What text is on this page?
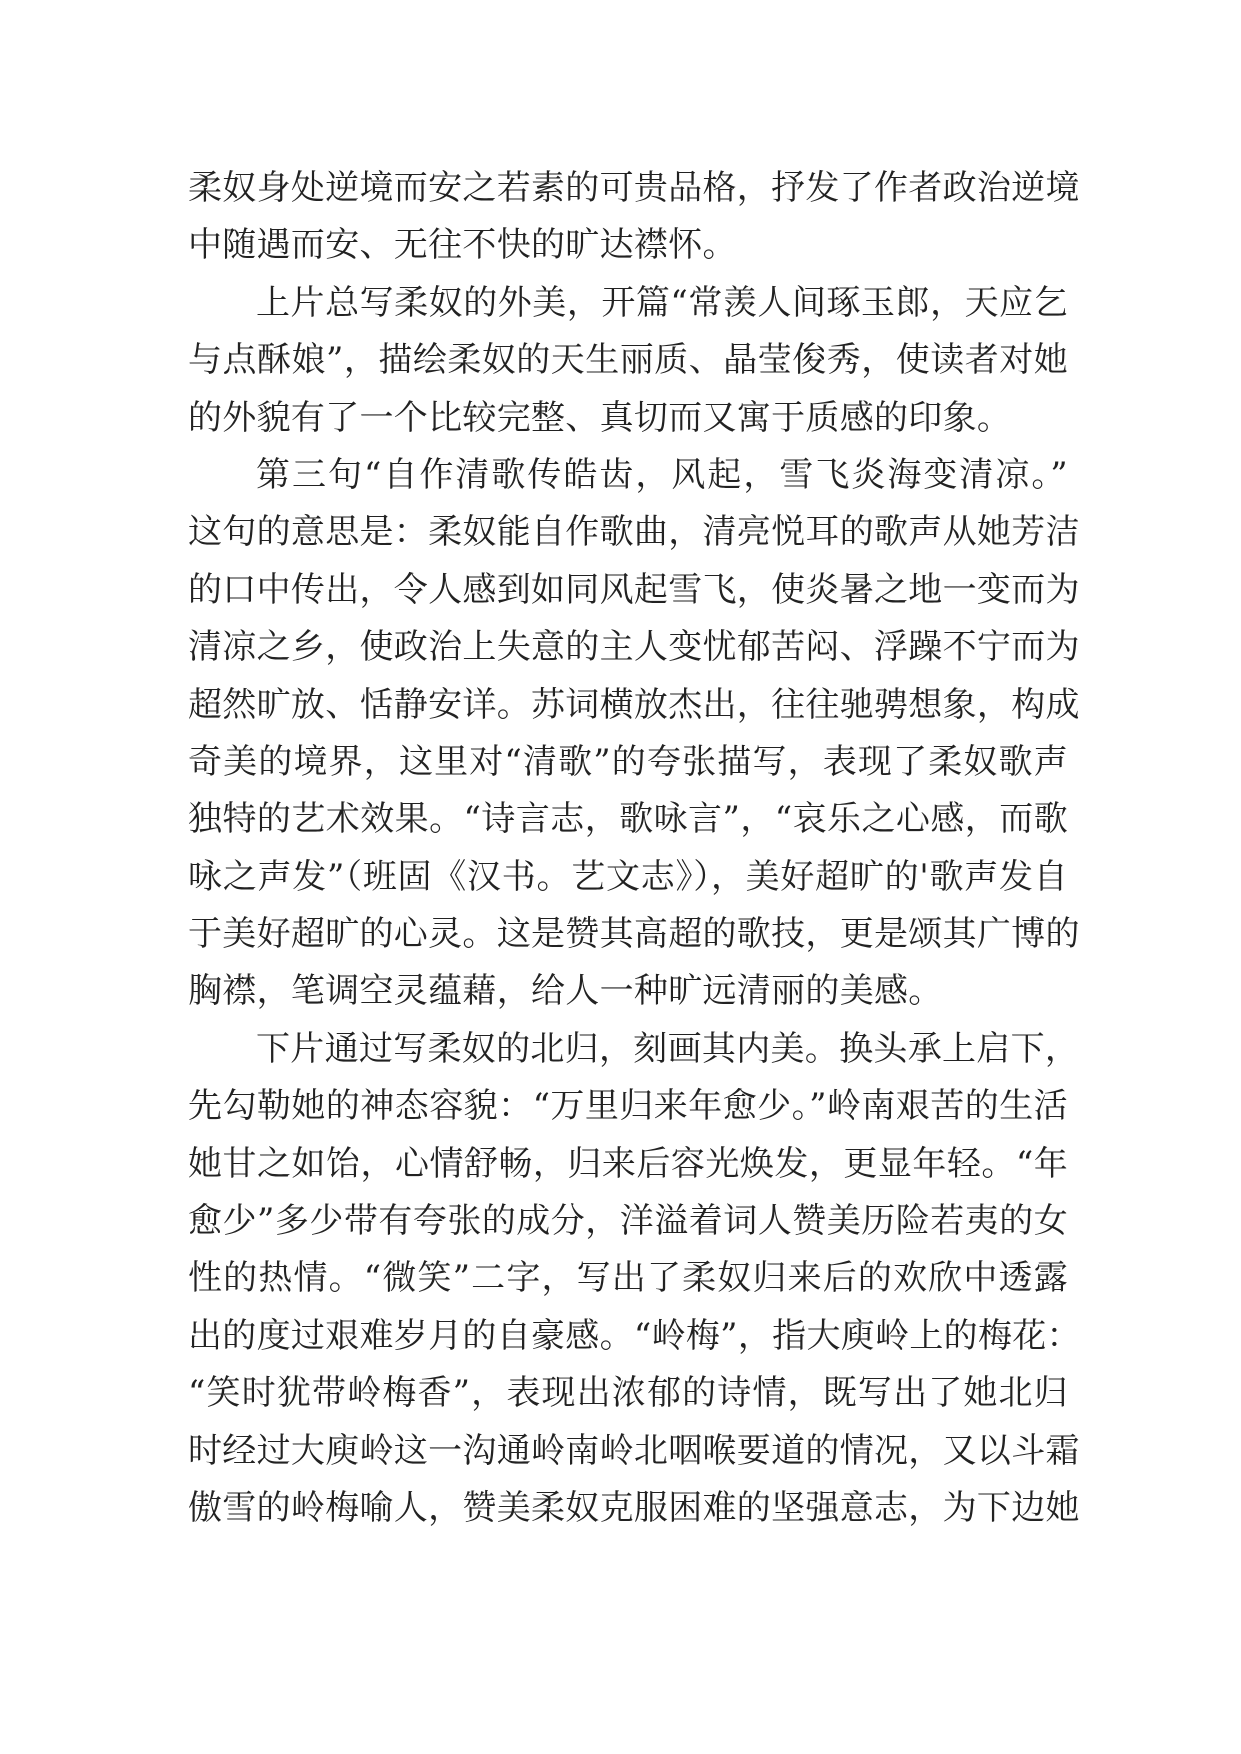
柔奴身处逆境而安之若素的可贵品格，抒发了作者政治逆境
中随遇而安、无往不快的旷达襟怀。
上片总写柔奴的外美，开篇“常羡人间琢玉郎，天应乞
与点酥娘”，描绘柔奴的天生丽质、晶莹俊秀，使读者对她
的外貌有了一个比较完整、真切而又寓于质感的印象。
第三句“自作清歌传皓齿，风起，雪飞炎海变清凉。”
这句的意思是：柔奴能自作歌曲，清亮悦耳的歌声从她芳洁
的口中传出，令人感到如同风起雪飞，使炎暑之地一变而为
清凉之乡，使政治上失意的主人变忧郁苦闷、浮躁不宁而为
超然旷放、恬静安详。苏词横放杰出，往往驰骋想象，构成
奇美的境界，这里对“清歌”的夸张描写，表现了柔奴歌声
独特的艺术效果。“诗言志，歌咏言”，“哀乐之心感，而歌
咏之声发”（班固《汉书。艺文志》），美好超旷的'歌声发自
于美好超旷的心灵。这是赞其高超的歌技，更是颂其广博的
胸襟，笔调空灵蕴藉，给人一种旷远清丽的美感。
下片通过写柔奴的北归，刻画其内美。换头承上启下，
先勾勒她的神态容貌：“万里归来年愈少。”岭南艰苦的生活
她甘之如饴，心情舒畅，归来后容光焕发，更显年轻。“年
愈少”多少带有夸张的成分，洋溢着词人赞美历险若夷的女
性的热情。“微笑”二字，写出了柔奴归来后的欢欣中透露
出的度过艰难岁月的自豪感。“岭梅”，指大庾岭上的梅花：
“笑时犹带岭梅香”，表现出浓郁的诗情，既写出了她北归
时经过大庾岭这一沟通岭南岭北咽喉要道的情况，又以斗霜
傲雪的岭梅喻人，赞美柔奴克服困难的坚强意志，为下边她
